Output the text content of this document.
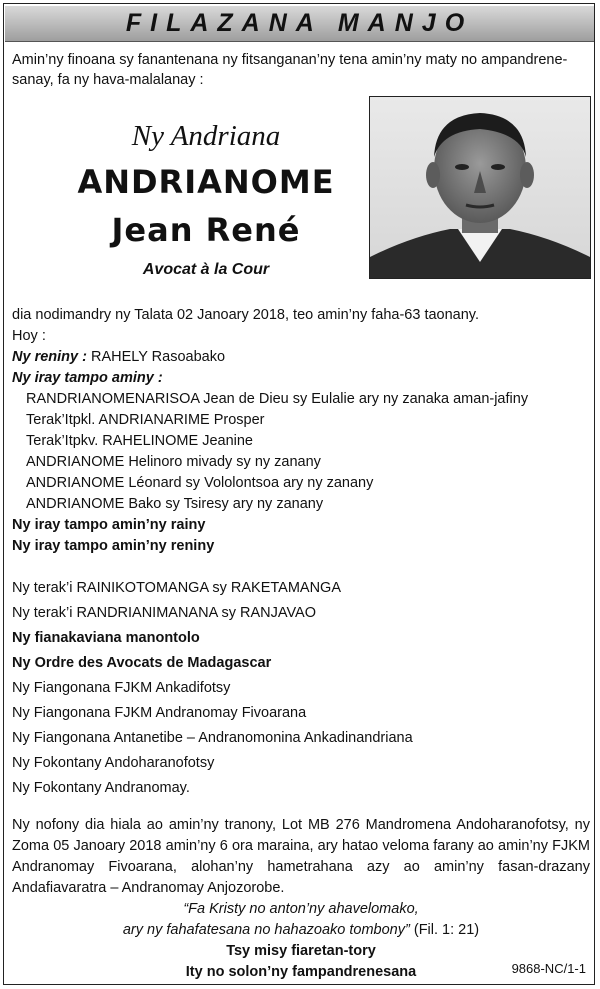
FILAZANA MANJO
Amin’ny finoana sy fanantenana ny fitsanganan’ny tena amin’ny maty no ampandrene-sanay, fa ny hava-malalanay :
Ny Andriana
ANDRIANOME
Jean René
Avocat à la Cour
dia nodimandry ny Talata 02 Janoary 2018, teo amin’ny faha-63 taonany.
Hoy :
Ny reniny : RAHELY Rasoabako
Ny iray tampo aminy :
RANDRIANOMENARISOA Jean de Dieu sy Eulalie ary ny zanaka aman-jafiny
Terak’Itpkl. ANDRIANARIME Prosper
Terak’Itpkv. RAHELINOME Jeanine
ANDRIANOME Helinoro mivady sy ny zanany
ANDRIANOME Léonard sy Vololontsoa ary ny zanany
ANDRIANOME Bako sy Tsiresy ary ny zanany
Ny iray tampo amin’ny rainy
Ny iray tampo amin’ny reniny
Ny terak’i RAINIKOTOMANGA sy RAKETAMANGA
Ny terak’i RANDRIANIMANANA sy RANJAVAO
Ny fianakaviana manontolo
Ny Ordre des Avocats de Madagascar
Ny Fiangonana FJKM Ankadifotsy
Ny Fiangonana FJKM Andranomay Fivoarana
Ny Fiangonana Antanetibe – Andranomonina Ankadinandriana
Ny Fokontany Andoharanofotsy
Ny Fokontany Andranomay.
Ny nofony dia hiala ao amin’ny tranony, Lot MB 276 Mandromena Andoharanofotsy, ny Zoma 05 Janoary 2018 amin’ny 6 ora maraina, ary hatao veloma farany ao amin’ny FJKM Andranomay Fivoarana, alohan’ny hametrahana azy ao amin’ny fasan-drazany Andafiavaratra – Andranomay Anjozorobe.
“Fa Kristy no anton’ny ahavelomako,
ary ny fahafatesana no hahazoako tombony” (Fil. 1: 21)
Tsy misy fiaretan-tory
Ity no solon’ny fampandrenesana	9868-NC/1-1
